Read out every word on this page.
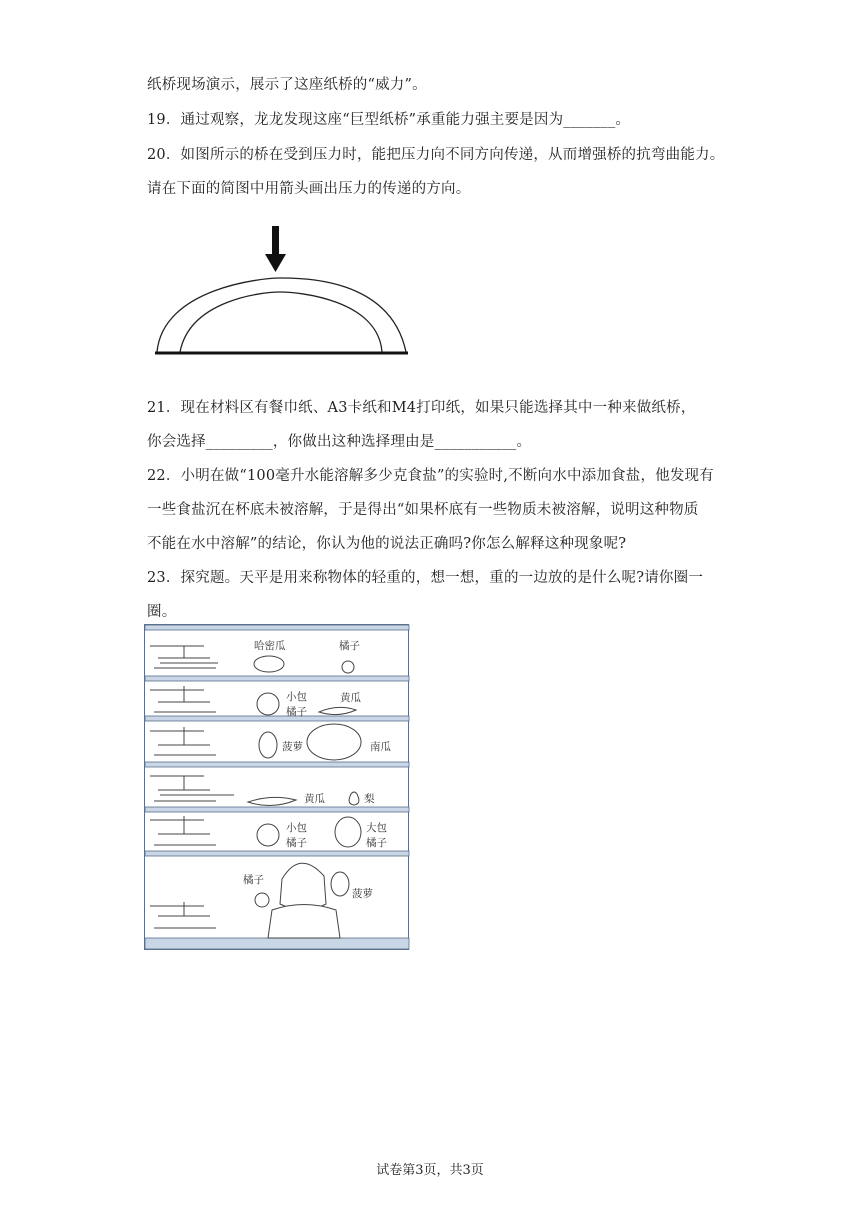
纸桥现场演示，展示了这座纸桥的“威力”。
19．通过观察，龙龙发现这座“巨型纸桥”承重能力强主要是因为_______。
20．如图所示的桥在受到压力时，能把压力向不同方向传递，从而增强桥的抗弯曲能力。
请在下面的简图中用箭头画出压力的传递的方向。
21．现在材料区有餐巾纸、A3卡纸和M4打印纸，如果只能选择其中一种来做纸桥，
你会选择_________，你做出这种选择理由是___________。
22．小明在做“100毫升水能溶解多少克食盐”的实验时,不断向水中添加食盐，他发现有
一些食盐沉在杯底未被溶解，于是得出“如果杯底有一些物质未被溶解，说明这种物质
不能在水中溶解”的结论，你认为他的说法正确吗?你怎么解释这种现象呢?
23．探究题。天平是用来称物体的轻重的，想一想，重的一边放的是什么呢?请你圈一
圈。
哈密瓜	橘子
小包
橘子
黄瓜
菠萝	南瓜
黄瓜	梨
小包
橘子
大包
橘子
橘子
菠萝
试卷第3页，共3页
